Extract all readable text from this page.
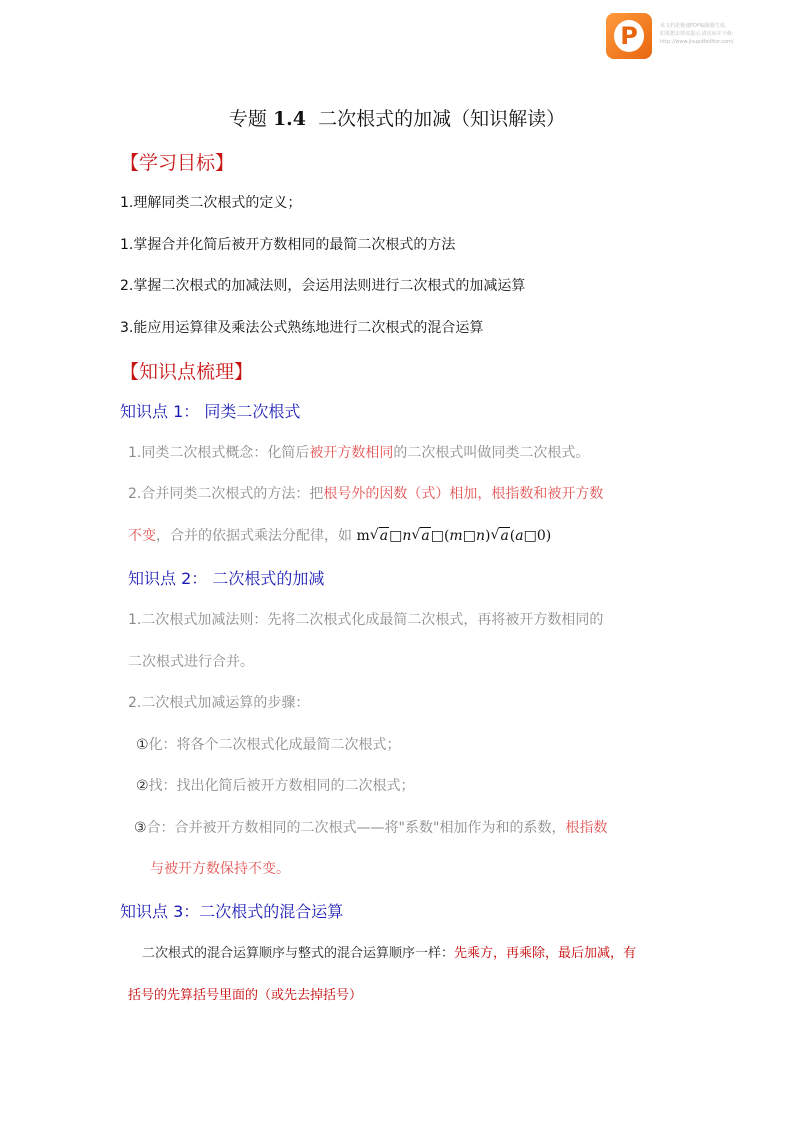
P	该文档是极速PDF编辑器生成,
如果想去掉该提示,请访问并下载:
http://www.jisupdfeditor.com/
专题 1.4 二次根式的加减（知识解读）
【学习目标】
1.理解同类二次根式的定义；
1.掌握合并化简后被开方数相同的最简二次根式的方法
2.掌握二次根式的加减法则，会运用法则进行二次根式的加减运算
3.能应用运算律及乘法公式熟练地进行二次根式的混合运算
【知识点梳理】
知识点 1： 同类二次根式
1.同类二次根式概念：化简后被开方数相同的二次根式叫做同类二次根式。
2.合并同类二次根式的方法：把根号外的因数（式）相加，根指数和被开方数
不变，合并的依据式乘法分配律，如 m √ a□n √ a□(m□n) √ a(a□0)
知识点 2： 二次根式的加减
1.二次根式加减法则：先将二次根式化成最简二次根式，再将被开方数相同的
二次根式进行合并。
2.二次根式加减运算的步骤：
①化：将各个二次根式化成最简二次根式；
②找：找出化简后被开方数相同的二次根式；
③合：合并被开方数相同的二次根式——将"系数"相加作为和的系数，根指数
与被开方数保持不变。
知识点 3：二次根式的混合运算
二次根式的混合运算顺序与整式的混合运算顺序一样：先乘方，再乘除，最后加减，有
括号的先算括号里面的（或先去掉括号）
